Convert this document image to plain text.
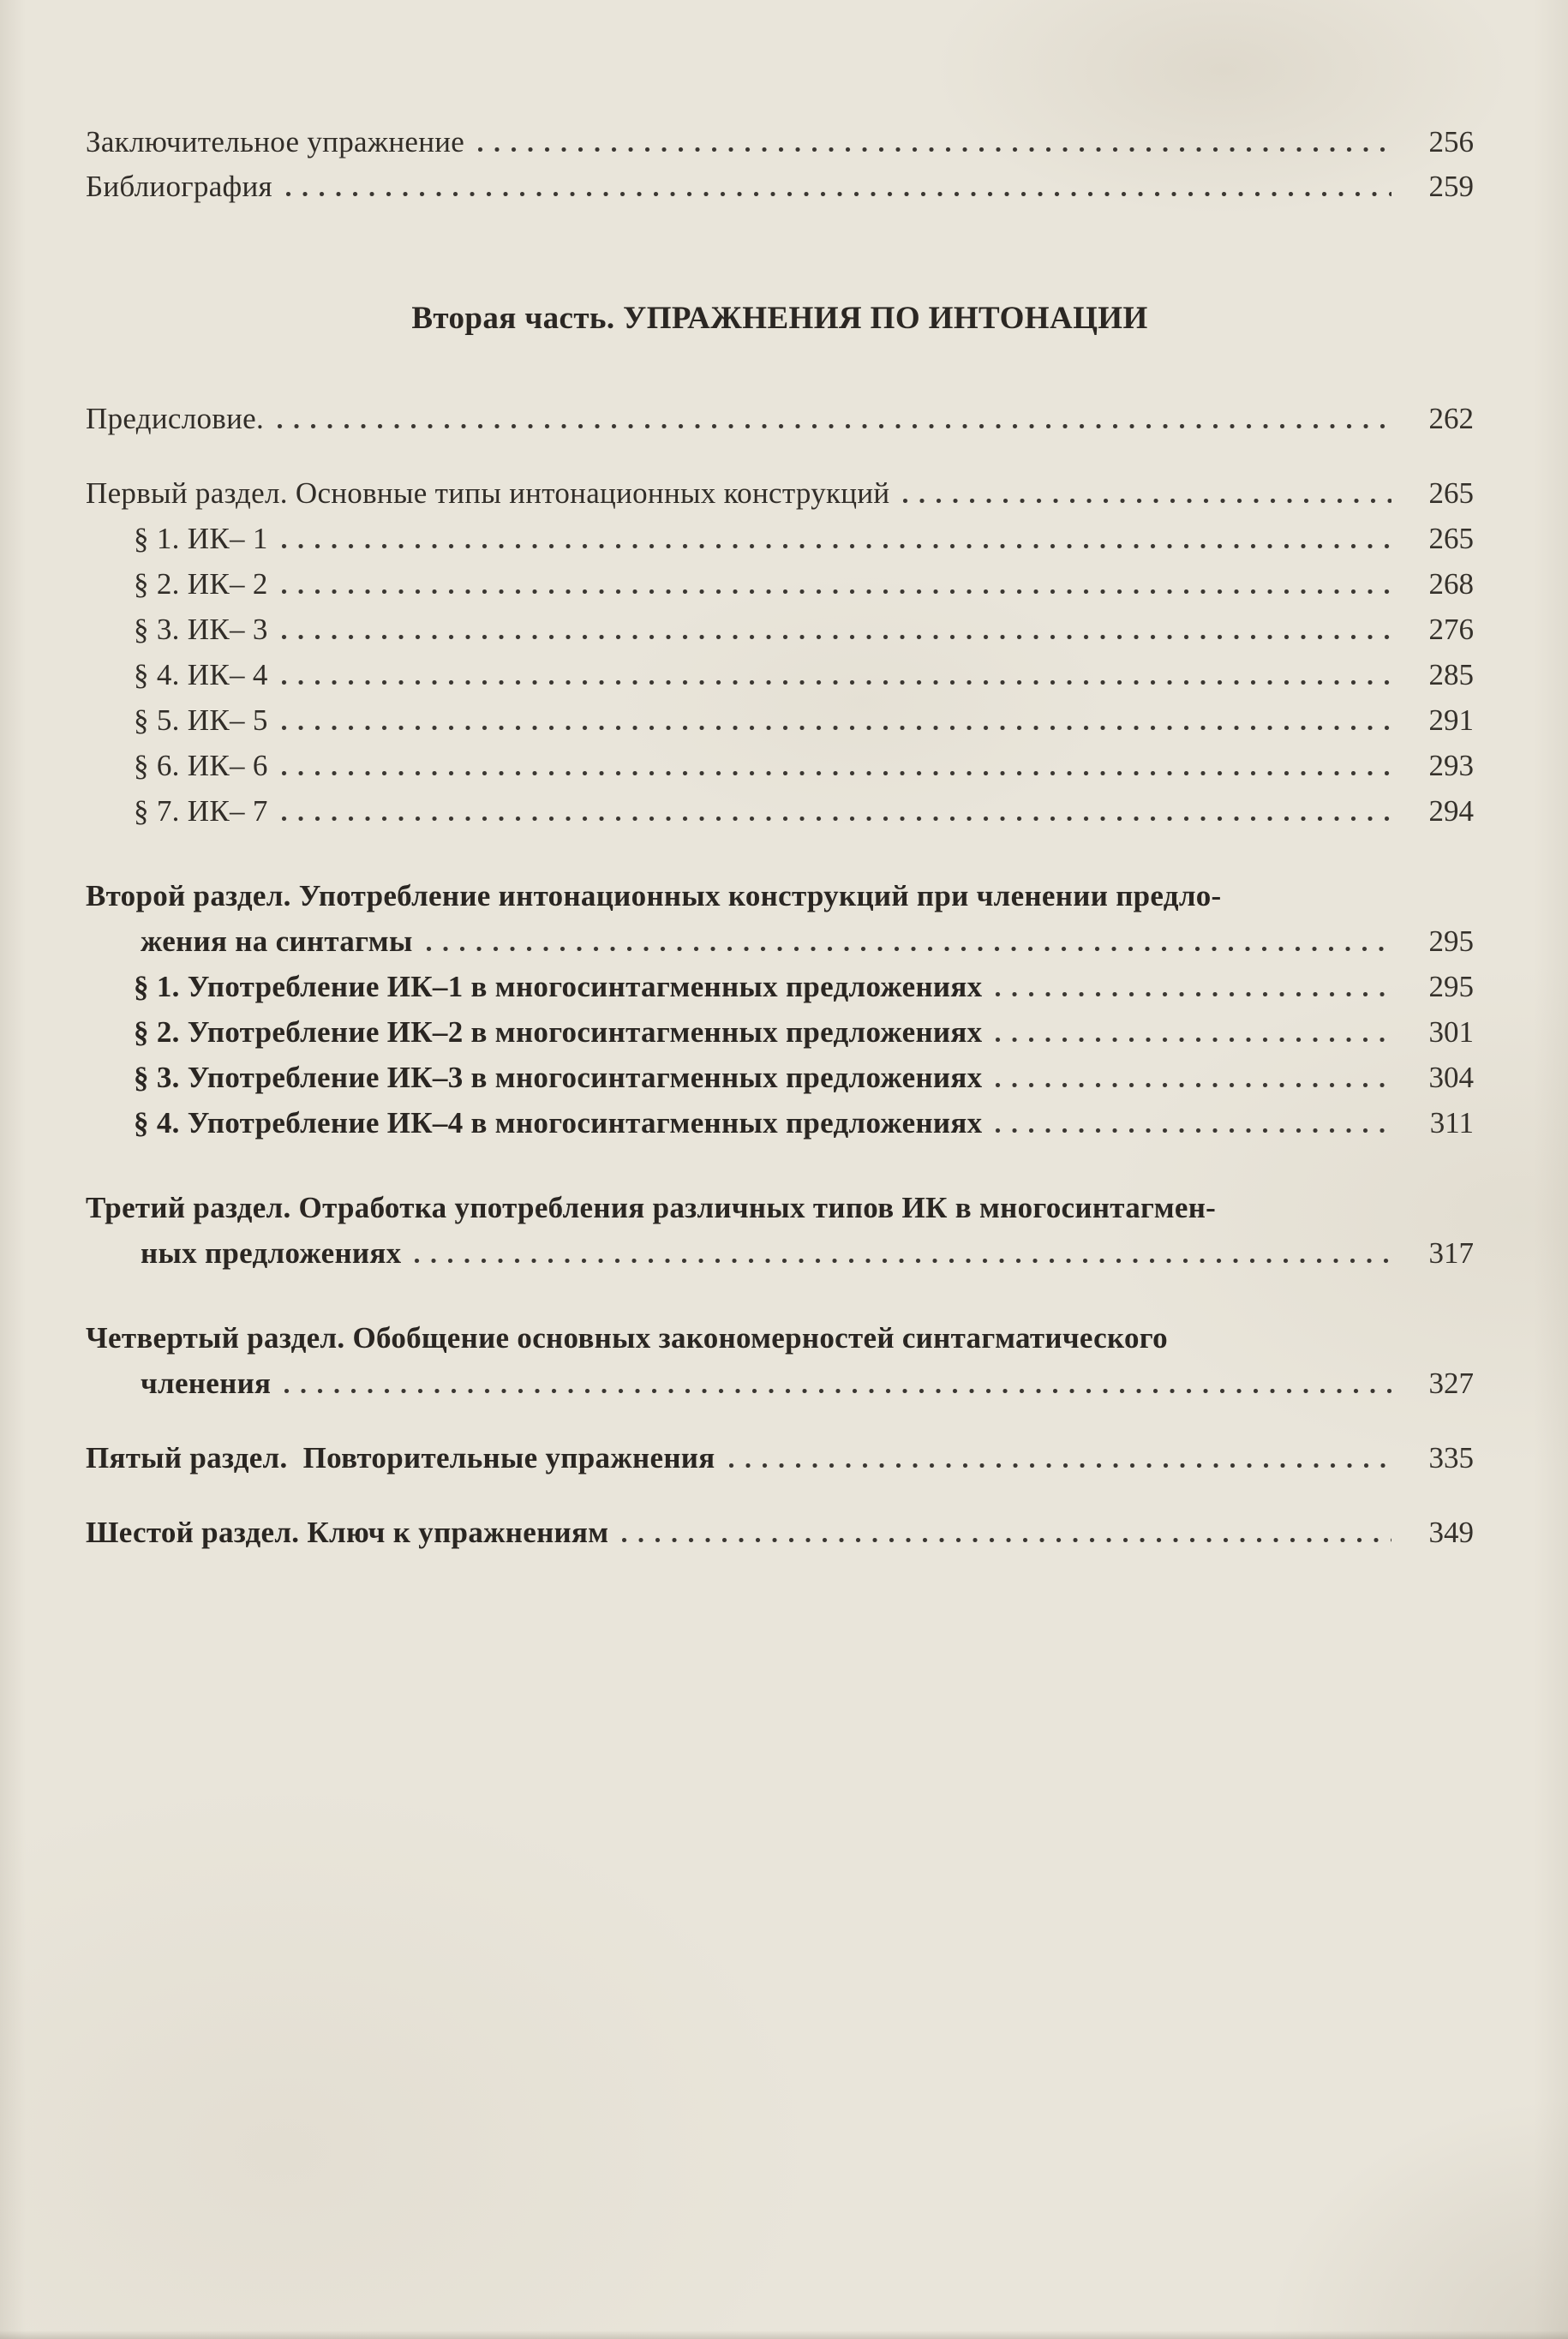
Заключительное упражнение	256
Библиография	259
Вторая часть. УПРАЖНЕНИЯ ПО ИНТОНАЦИИ
Предисловие.	262
Первый раздел. Основные типы интонационных конструкций	265
§ 1. ИК– 1	265
§ 2. ИК– 2	268
§ 3. ИК– 3	276
§ 4. ИК– 4	285
§ 5. ИК– 5	291
§ 6. ИК– 6	293
§ 7. ИК– 7	294
Второй раздел. Употребление интонационных конструкций при членении предло-
жения на синтагмы	295
§ 1. Употребление ИК–1 в многосинтагменных предложениях	295
§ 2. Употребление ИК–2 в многосинтагменных предложениях	301
§ 3. Употребление ИК–3 в многосинтагменных предложениях	304
§ 4. Употребление ИК–4 в многосинтагменных предложениях	311
Третий раздел. Отработка употребления различных типов ИК в многосинтагмен-
ных предложениях	317
Четвертый раздел. Обобщение основных закономерностей синтагматического
членения	327
Пятый раздел.  Повторительные упражнения	335
Шестой раздел. Ключ к упражнениям	349
